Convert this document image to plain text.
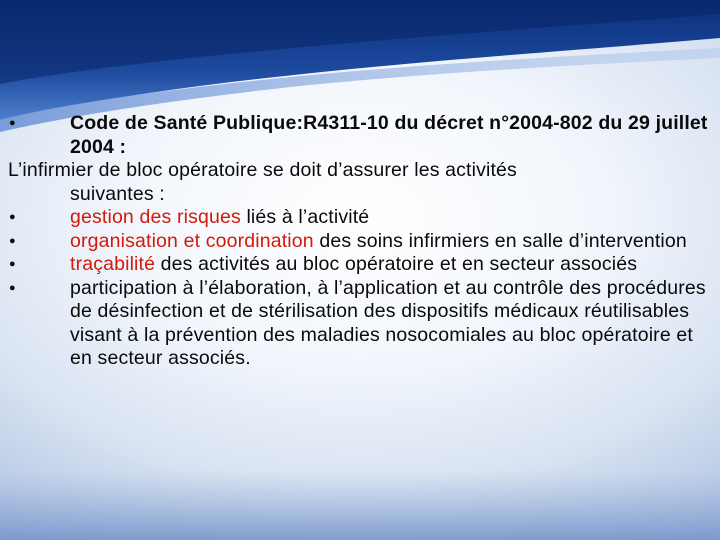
●	Code de Santé Publique:R4311-10 du décret n°2004-802 du 29 juillet 2004 :
L’infirmier de bloc opératoire se doit d’assurer les activités
suivantes :
●	gestion des risques liés à l’activité
●	organisation et coordination des soins infirmiers en salle d’intervention
●	traçabilité des activités au bloc opératoire et en secteur associés
●	participation à l’élaboration, à l’application et au contrôle des procédures de désinfection et de stérilisation des dispositifs médicaux réutilisables visant à la prévention des maladies nosocomiales au bloc opératoire et en secteur associés.
